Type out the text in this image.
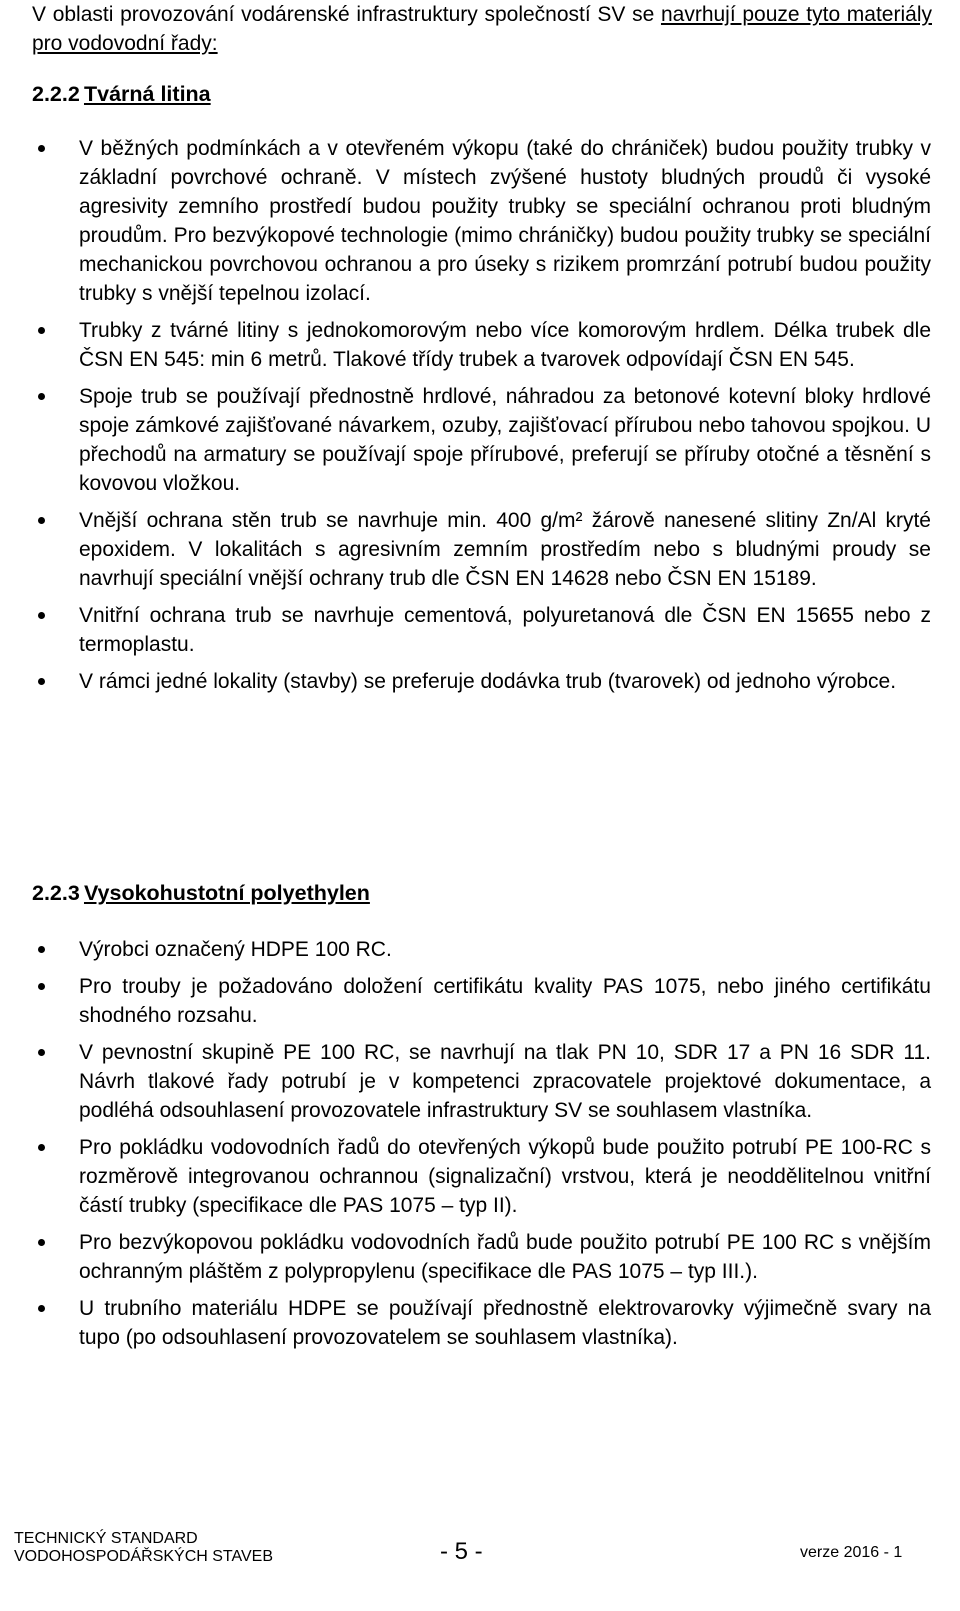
V oblasti provozování vodárenské infrastruktury společností SV se navrhují pouze tyto materiály pro vodovodní řady:

2.2.2 Tvárná litina
V běžných podmínkách a v otevřeném výkopu (také do chrániček) budou použity trubky v základní povrchové ochraně. V místech zvýšené hustoty bludných proudů či vysoké agresivity zemního prostředí budou použity trubky se speciální ochranou proti bludným proudům. Pro bezvýkopové technologie (mimo chráničky) budou použity trubky se speciální mechanickou povrchovou ochranou a pro úseky s rizikem promrzání potrubí budou použity trubky s vnější tepelnou izolací.
Trubky z tvárné litiny s jednokomorovým nebo více komorovým hrdlem. Délka trubek dle ČSN EN 545: min 6 metrů. Tlakové třídy trubek a tvarovek odpovídají ČSN EN 545.
Spoje trub se používají přednostně hrdlové, náhradou za betonové kotevní bloky hrdlové spoje zámkové zajišťované návarkem, ozuby, zajišťovací přírubou nebo tahovou spojkou. U přechodů na armatury se používají spoje přírubové, preferují se příruby otočné a těsnění s kovovou vložkou.
Vnější ochrana stěn trub se navrhuje min. 400 g/m² žárově nanesené slitiny Zn/Al kryté epoxidem. V lokalitách s agresivním zemním prostředím nebo s bludnými proudy se navrhují speciální vnější ochrany trub dle ČSN EN 14628 nebo ČSN EN 15189.
Vnitřní ochrana trub se navrhuje cementová, polyuretanová dle ČSN EN 15655 nebo z termoplastu.
V rámci jedné lokality (stavby) se preferuje dodávka trub (tvarovek) od jednoho výrobce.
2.2.3 Vysokohustotní polyethylen
Výrobci označený HDPE 100 RC.
Pro trouby je požadováno doložení certifikátu kvality PAS 1075, nebo jiného certifikátu shodného rozsahu.
V pevnostní skupině PE 100 RC, se navrhují na tlak PN 10, SDR 17 a PN 16 SDR 11. Návrh tlakové řady potrubí je v kompetenci zpracovatele projektové dokumentace, a podléhá odsouhlasení provozovatele infrastruktury SV se souhlasem vlastníka.
Pro pokládku vodovodních řadů do otevřených výkopů bude použito potrubí PE 100-RC s rozměrově integrovanou ochrannou (signalizační) vrstvou, která je neoddělitelnou vnitřní částí trubky (specifikace dle PAS 1075 – typ II).
Pro bezvýkopovou pokládku vodovodních řadů bude použito potrubí PE 100 RC s vnějším ochranným pláštěm z polypropylenu (specifikace dle PAS 1075 – typ III.).
U trubního materiálu HDPE se používají přednostně elektrovarovky výjimečně svary na tupo (po odsouhlasení provozovatelem se souhlasem vlastníka).
TECHNICKÝ STANDARD
VODOHOSPODÁŘSKÝCH STAVEB	- 5 -	verze 2016 - 1
